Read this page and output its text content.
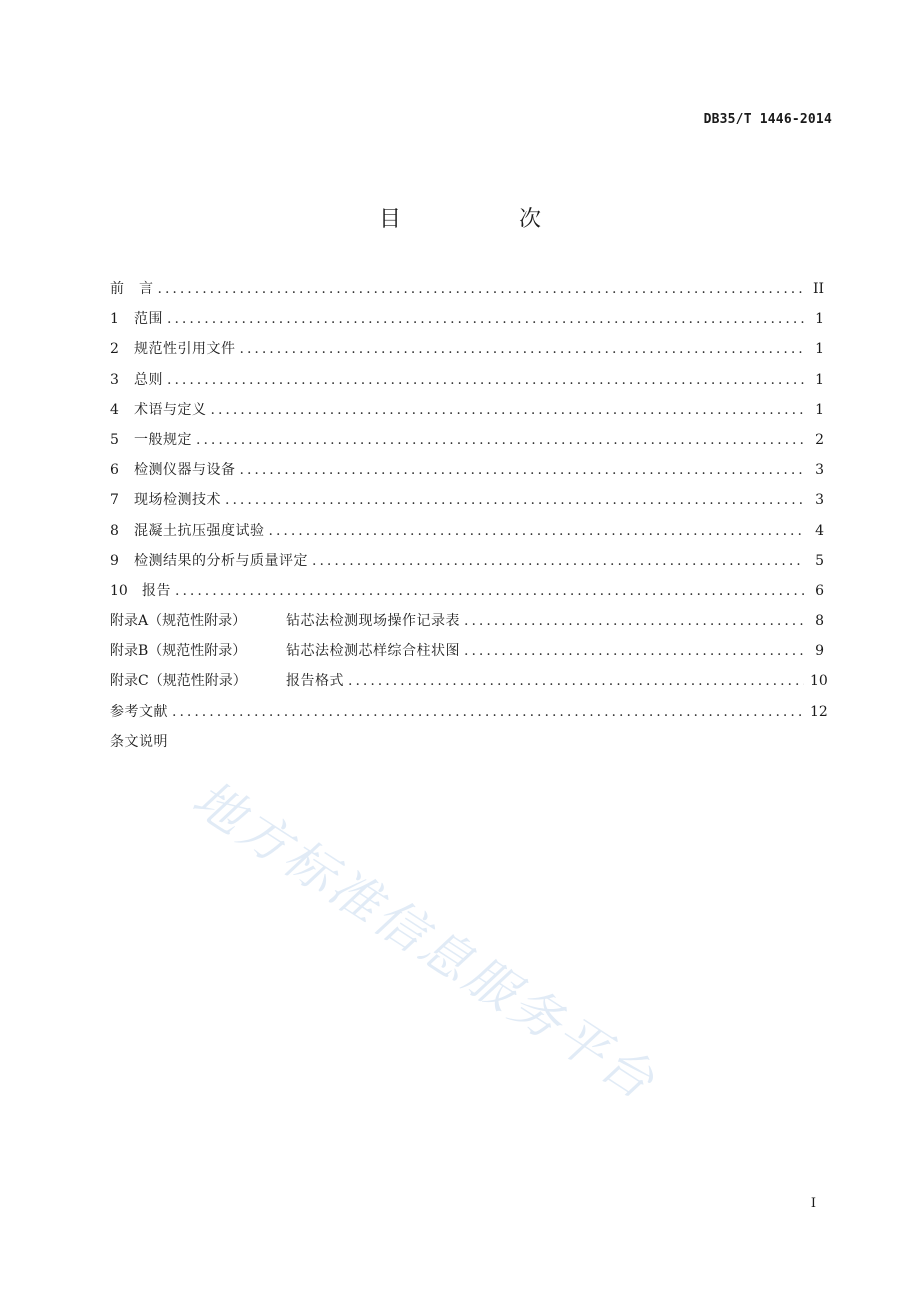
DB35/T 1446-2014
目　次
前　言 .....	II
1	范围 .....	1
2	规范性引用文件 .....	1
3	总则 .....	1
4	术语与定义 .....	1
5	一般规定 .....	2
6	检测仪器与设备 .....	3
7	现场检测技术 .....	3
8	混凝土抗压强度试验 .....	4
9	检测结果的分析与质量评定 .....	5
10	报告 .....	6
附录A（规范性附录）	钻芯法检测现场操作记录表 .....	8
附录B（规范性附录）	钻芯法检测芯样综合柱状图 .....	9
附录C（规范性附录）	报告格式 .....	10
参考文献 .....	12
条文说明
地方标准信息服务平台
I
